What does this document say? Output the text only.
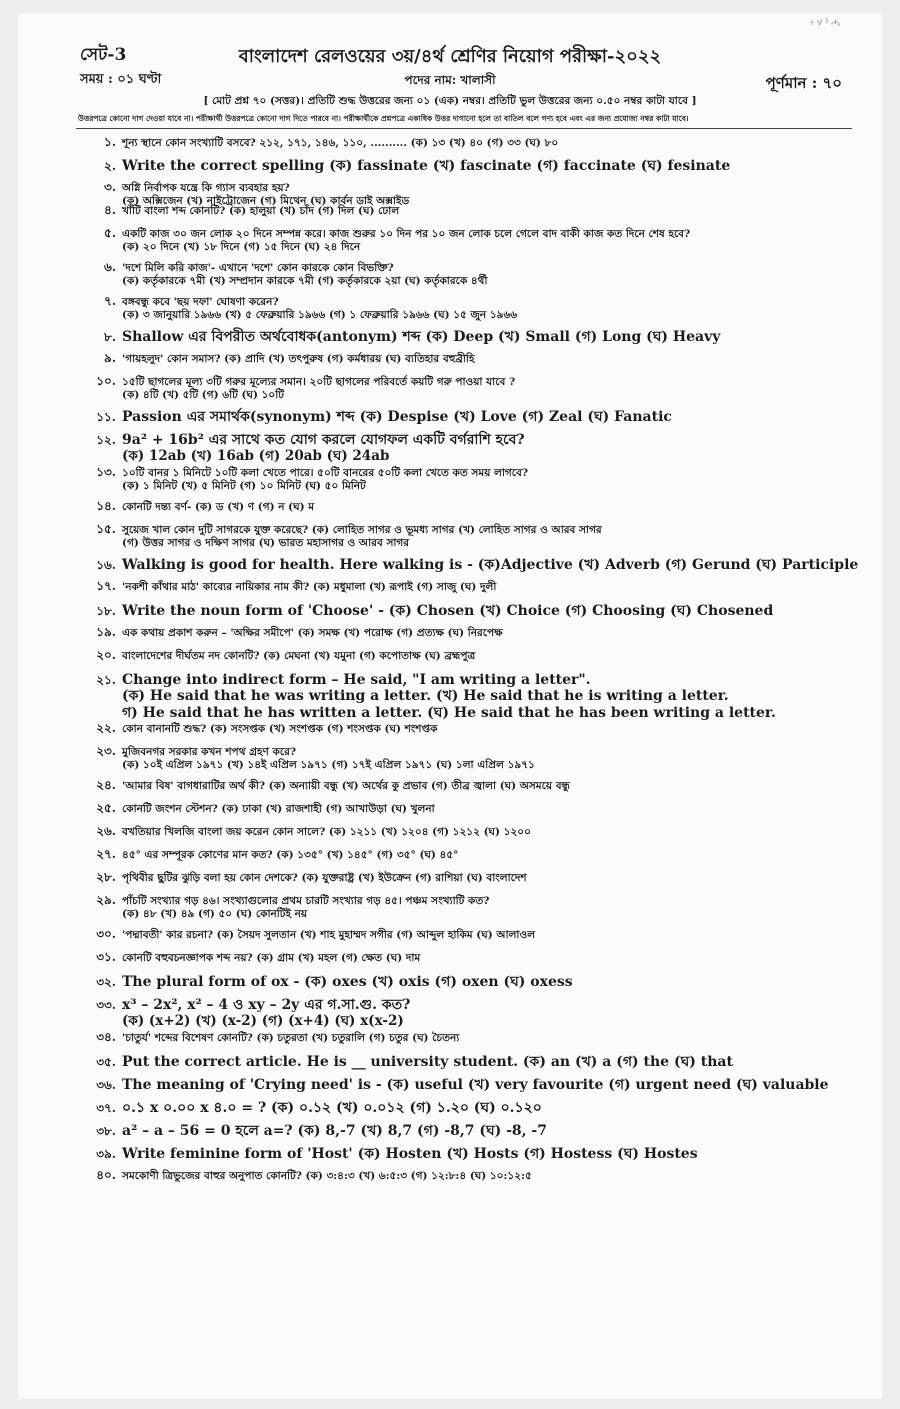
፥ሃ¹ሓ
সেট-3	বাংলাদেশ রেলওয়ের ৩য়/৪র্থ শ্রেণির নিয়োগ পরীক্ষা-২০২২
সময় : ০১ ঘণ্টা	পদের নাম: খালাসী	পূর্ণমান : ৭০
[ মোট প্রশ্ন ৭০ (সত্তর)। প্রতিটি শুদ্ধ উত্তরের জন্য ০১ (এক) নম্বর। প্রতিটি ভুল উত্তরের জন্য ০.৫০ নম্বর কাটা যাবে ]
উত্তরপত্রে কোনো দাগ দেওয়া যাবে না। পরীক্ষার্থী উত্তরপত্রে কোনো দাগ দিতে পারবে না। পরীক্ষার্থীকে প্রশ্নপত্রে একাধিক উত্তর দাগানো হলে তা বাতিল বলে গণ্য হবে এবং এর জন্য প্রযোজ্য নম্বর কাটা যাবে।
১. শূন্য স্থানে কোন সংখ্যাটি বসবে? ২১২, ১৭১, ১৪৬, ১১০, .......... (ক) ১৩ (খ) ৪০ (গ) ৩৩ (ঘ) ৮০
২. Write the correct spelling (ক) fassinate (খ) fascinate (গ) faccinate (ঘ) fesinate
৩. অগ্নি নির্বাপক যন্ত্রে কি গ্যাস ব্যবহার হয়?
(ক) অক্সিজেন (খ) নাইট্রোজেন (গ) মিথেন (ঘ) কার্বন ডাই অক্সাইড
৪. খাঁটি বাংলা শব্দ কোনটি? (ক) হালুয়া (খ) চাঁদ (গ) দিল (ঘ) ঢোল
৫. একটি কাজ ৩০ জন লোক ২০ দিনে সম্পন্ন করে। কাজ শুরুর ১০ দিন পর ১০ জন লোক চলে গেলে বাদ বাকী কাজ কত দিনে শেষ হবে?
(ক) ২০ দিনে (খ) ১৮ দিনে (গ) ১৫ দিনে (ঘ) ২৪ দিনে
৬. 'দশে মিলি করি কাজ'- এখানে 'দশে' কোন কারকে কোন বিভক্তি?
(ক) কর্তৃকারকে ৭মী (খ) সম্প্রদান কারকে ৭মী (গ) কর্তৃকারকে ২য়া (ঘ) কর্তৃকারকে ৪র্থী
৭. বঙ্গবন্ধু কবে 'ছয় দফা' ঘোষণা করেন?
(ক) ৩ জানুয়ারি ১৯৬৬ (খ) ৫ ফেব্রুয়ারি ১৯৬৬ (গ) ১ ফেব্রুয়ারি ১৯৬৬ (ঘ) ১৫ জুন ১৯৬৬
৮. Shallow এর বিপরীত অর্থবোধক(antonym) শব্দ (ক) Deep (খ) Small (গ) Long (ঘ) Heavy
৯. 'গায়হলুদ' কোন সমাস? (ক) প্রাদি (খ) তৎপুরুষ (গ) কর্মধারয় (ঘ) ব্যতিহার বহুব্রীহি
১০. ১৫টি ছাগলের মূল্য ৩টি গরুর মূল্যের সমান। ২০টি ছাগলের পরিবর্তে কয়টি গরু পাওয়া যাবে ?
(ক) ৪টি (খ) ৫টি (গ) ৬টি (ঘ) ১০টি
১১. Passion এর সমার্থক(synonym) শব্দ (ক) Despise (খ) Love (গ) Zeal (ঘ) Fanatic
১২. 9a² + 16b² এর সাথে কত যোগ করলে যোগফল একটি বর্গরাশি হবে?
(ক) 12ab (খ) 16ab (গ) 20ab (ঘ) 24ab
১৩. ১০টি বানর ১ মিনিটে ১০টি কলা খেতে পারে। ৫০টি বানরের ৫০টি কলা খেতে কত সময় লাগবে?
(ক) ১ মিনিট (খ) ৫ মিনিট (গ) ১০ মিনিট (ঘ) ৫০ মিনিট
১৪. কোনটি দন্ত্য বর্ণ- (ক) ড (খ) ণ (গ) ন (ঘ) ম
১৫. সুয়েজ খাল কোন দুটি সাগরকে যুক্ত করেছে? (ক) লোহিত সাগর ও ভূমধ্য সাগর (খ) লোহিত সাগর ও আরব সাগর
(গ) উত্তর সাগর ও দক্ষিণ সাগর (ঘ) ভারত মহাসাগর ও আরব সাগর
১৬. Walking is good for health. Here walking is - (ক)Adjective (খ) Adverb (গ) Gerund (ঘ) Participle
১৭. 'নকশী কাঁথার মাঠ' কাব্যের নায়িকার নাম কী? (ক) মধুমালা (খ) রূপাই (গ) সাজু (ঘ) দুলী
১৮. Write the noun form of 'Choose' - (ক) Chosen (খ) Choice (গ) Choosing (ঘ) Chosened
১৯. এক কথায় প্রকাশ করুন – 'অক্ষির সমীপে' (ক) সমক্ষ (খ) পরোক্ষ (গ) প্রত্যক্ষ (ঘ) নিরপেক্ষ
২০. বাংলাদেশের দীর্ঘতম নদ কোনটি? (ক) মেঘনা (খ) যমুনা (গ) কপোতাক্ষ (ঘ) ব্রহ্মপুত্র
২১. Change into indirect form – He said, "I am writing a letter".
(ক) He said that he was writing a letter. (খ) He said that he is writing a letter.
গ) He said that he has written a letter. (ঘ) He said that he has been writing a letter.
২২. কোন বানানটি শুদ্ধ? (ক) সংসপ্তক (খ) সংশপ্তক (গ) শংসপ্তক (ঘ) শংশপ্তক
২৩. মুজিবনগর সরকার কখন শপথ গ্রহণ করে?
(ক) ১০ই এপ্রিল ১৯৭১ (খ) ১৪ই এপ্রিল ১৯৭১ (গ) ১৭ই এপ্রিল ১৯৭১ (ঘ) ১লা এপ্রিল ১৯৭১
২৪. 'আমার বিষ' বাগধারাটির অর্থ কী? (ক) অন্যায়ী বন্ধু (খ) অর্থের কু প্রভাব (গ) তীব্র জ্বালা (ঘ) অসময়ে বন্ধু
২৫. কোনটি জংশন স্টেশন? (ক) ঢাকা (খ) রাজশাহী (গ) আখাউড়া (ঘ) খুলনা
২৬. বখতিয়ার খিলজি বাংলা জয় করেন কোন সালে? (ক) ১২১১ (খ) ১২০৪ (গ) ১২১২ (ঘ) ১২০০
২৭. ৪৫° এর সম্পূরক কোণের মান কত? (ক) ১৩৫° (খ) ১৪৫° (গ) ৩৫° (ঘ) ৪৫°
২৮. পৃথিবীর ছুটির ঝুড়ি বলা হয় কোন দেশকে? (ক) যুক্তরাষ্ট্র (খ) ইউক্রেন (গ) রাশিয়া (ঘ) বাংলাদেশ
২৯. পাঁচটি সংখ্যার গড় ৪৬। সংখ্যাগুলোর প্রথম চারটি সংখ্যার গড় ৪৫। পঞ্চম সংখ্যাটি কত?
(ক) ৪৮ (খ) ৪৯ (গ) ৫০ (ঘ) কোনটিই নয়
৩০. 'পদ্মাবতী' কার রচনা? (ক) সৈয়দ সুলতান (খ) শাহ মুহাম্মদ সগীর (গ) আব্দুল হাকিম (ঘ) আলাওল
৩১. কোনটি বহুবচনজ্ঞাপক শব্দ নয়? (ক) গ্রাম (খ) মহল (গ) ক্ষেত (ঘ) দাম
৩২. The plural form of ox - (ক) oxes (খ) oxis (গ) oxen (ঘ) oxess
৩৩. x³ – 2x², x² – 4 ও xy – 2y এর গ.সা.গু. কত?
(ক) (x+2) (খ) (x-2) (গ) (x+4) (ঘ) x(x-2)
৩৪. 'চাতুর্য' শব্দের বিশেষণ কোনটি? (ক) চতুরতা (খ) চতুরালি (গ) চতুর (ঘ) চৈতন্য
৩৫. Put the correct article. He is __ university student. (ক) an (খ) a (গ) the (ঘ) that
৩৬. The meaning of 'Crying need' is - (ক) useful (খ) very favourite (গ) urgent need (ঘ) valuable
৩৭. ০.১ x ০.০০ x ৪.০ = ? (ক) ০.১২ (খ) ০.০১২ (গ) ১.২০ (ঘ) ০.১২০
৩৮. a² – a – 56 = 0 হলে a=? (ক) 8,-7 (খ) 8,7 (গ) -8,7 (ঘ) -8, -7
৩৯. Write feminine form of 'Host' (ক) Hosten (খ) Hosts (গ) Hostess (ঘ) Hostes
৪০. সমকোণী ত্রিভুজের বাহুর অনুপাত কোনটি? (ক) ৩:৪:৩ (খ) ৬:৫:৩ (গ) ১২:৮:৪ (ঘ) ১০:১২:৫
